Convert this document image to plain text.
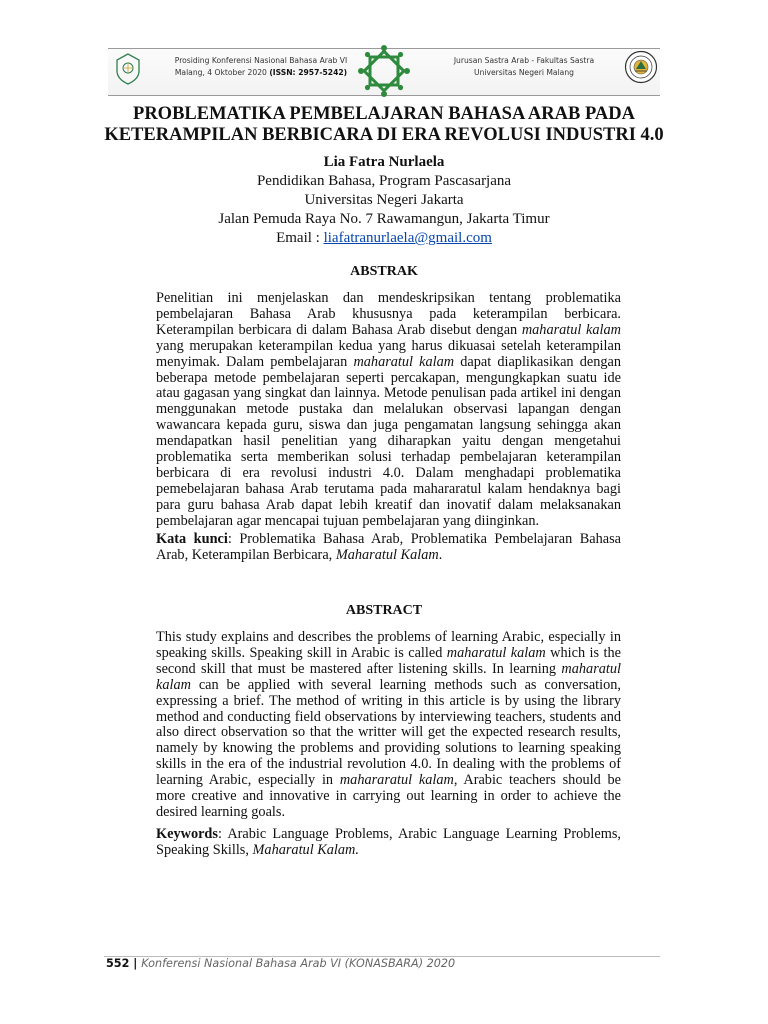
Prosiding Konferensi Nasional Bahasa Arab VI
Malang, 4 Oktober 2020 (ISSN: 2957-5242)
Jurusan Sastra Arab - Fakultas Sastra
Universitas Negeri Malang
PROBLEMATIKA PEMBELAJARAN BAHASA ARAB PADA
KETERAMPILAN BERBICARA DI ERA REVOLUSI INDUSTRI 4.0
Lia Fatra Nurlaela
Pendidikan Bahasa, Program Pascasarjana
Universitas Negeri Jakarta
Jalan Pemuda Raya No. 7 Rawamangun, Jakarta Timur
Email : liafatranurlaela@gmail.com
ABSTRAK

Penelitian ini menjelaskan dan mendeskripsikan tentang problematika pembelajaran Bahasa Arab khususnya pada keterampilan berbicara. Keterampilan berbicara di dalam Bahasa Arab disebut dengan maharatul kalam yang merupakan keterampilan kedua yang harus dikuasai setelah keterampilan menyimak. Dalam pembelajaran maharatul kalam dapat diaplikasikan dengan beberapa metode pembelajaran seperti percakapan, mengungkapkan suatu ide atau gagasan yang singkat dan lainnya. Metode penulisan pada artikel ini dengan menggunakan metode pustaka dan melalukan observasi lapangan dengan wawancara kepada guru, siswa dan juga pengamatan langsung sehingga akan mendapatkan hasil penelitian yang diharapkan yaitu dengan mengetahui problematika serta memberikan solusi terhadap pembelajaran keterampilan berbicara di era revolusi industri 4.0. Dalam menghadapi problematika pemebelajaran bahasa Arab terutama pada mahararatul kalam hendaknya bagi para guru bahasa Arab dapat lebih kreatif dan inovatif dalam melaksanakan pembelajaran agar mencapai tujuan pembelajaran yang diinginkan.

Kata kunci: Problematika Bahasa Arab, Problematika Pembelajaran Bahasa Arab, Keterampilan Berbicara, Maharatul Kalam.

ABSTRACT

This study explains and describes the problems of learning Arabic, especially in speaking skills. Speaking skill in Arabic is called maharatul kalam which is the second skill that must be mastered after listening skills. In learning maharatul kalam can be applied with several learning methods such as conversation, expressing a brief. The method of writing in this article is by using the library method and conducting field observations by interviewing teachers, students and also direct observation so that the writter will get the expected research results, namely by knowing the problems and providing solutions to learning speaking skills in the era of the industrial revolution 4.0. In dealing with the problems of learning Arabic, especially in mahararatul kalam, Arabic teachers should be more creative and innovative in carrying out learning in order to achieve the desired learning goals.

Keywords: Arabic Language Problems, Arabic Language Learning Problems, Speaking Skills, Maharatul Kalam.

552 | Konferensi Nasional Bahasa Arab VI (KONASBARA) 2020
